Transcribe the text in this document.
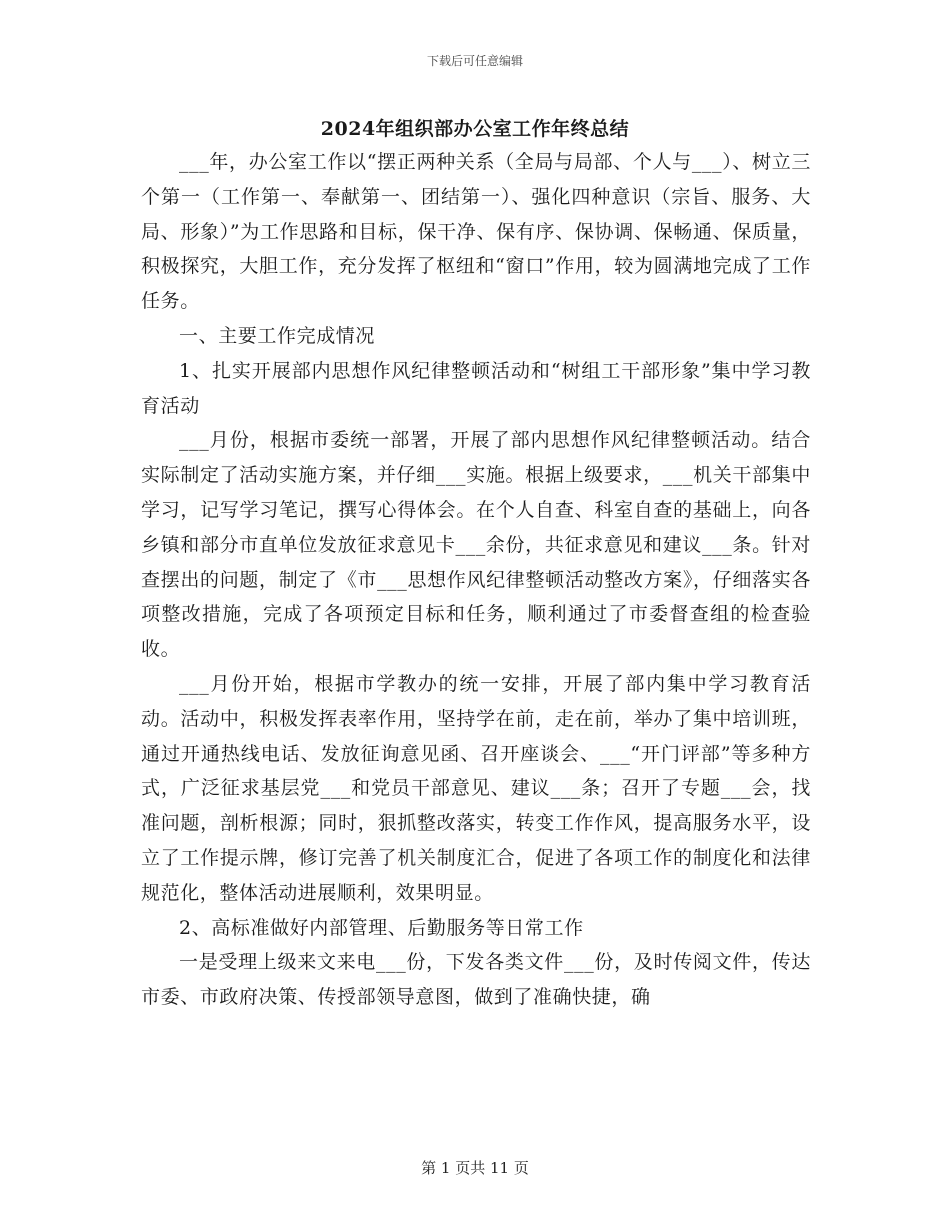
下载后可任意编辑
2024年组织部办公室工作年终总结

___年，办公室工作以“摆正两种关系（全局与局部、个人与___）、树立三个第一（工作第一、奉献第一、团结第一）、强化四种意识（宗旨、服务、大局、形象）”为工作思路和目标，保干净、保有序、保协调、保畅通、保质量，积极探究，大胆工作，充分发挥了枢纽和“窗口”作用，较为圆满地完成了工作任务。

一、主要工作完成情况

1、扎实开展部内思想作风纪律整顿活动和“树组工干部形象”集中学习教育活动

___月份，根据市委统一部署，开展了部内思想作风纪律整顿活动。结合实际制定了活动实施方案，并仔细___实施。根据上级要求，___机关干部集中学习，记写学习笔记，撰写心得体会。在个人自查、科室自查的基础上，向各乡镇和部分市直单位发放征求意见卡___余份，共征求意见和建议___条。针对查摆出的问题，制定了《市___思想作风纪律整顿活动整改方案》，仔细落实各项整改措施，完成了各项预定目标和任务，顺利通过了市委督查组的检查验收。

___月份开始，根据市学教办的统一安排，开展了部内集中学习教育活动。活动中，积极发挥表率作用，坚持学在前，走在前，举办了集中培训班，通过开通热线电话、发放征询意见函、召开座谈会、___“开门评部”等多种方式，广泛征求基层党___和党员干部意见、建议___条；召开了专题___会，找准问题，剖析根源；同时，狠抓整改落实，转变工作作风，提高服务水平，设立了工作提示牌，修订完善了机关制度汇合，促进了各项工作的制度化和法律规范化，整体活动进展顺利，效果明显。

2、高标准做好内部管理、后勤服务等日常工作

一是受理上级来文来电___份，下发各类文件___份，及时传阅文件，传达市委、市政府决策、传授部领导意图，做到了准确快捷，确

第 1 页共 11 页
